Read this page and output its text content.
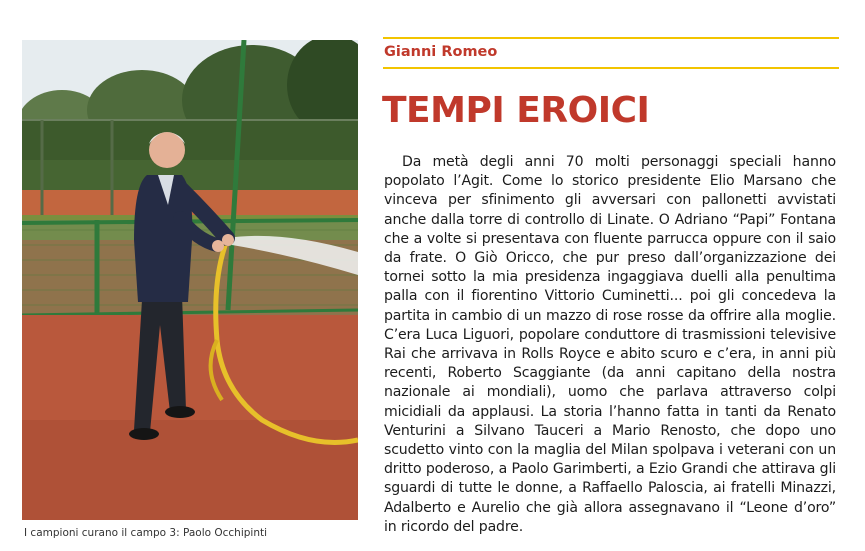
I campioni curano il campo 3: Paolo Occhipinti
Gianni Romeo
TEMPI EROICI

Da metà degli anni 70 molti personaggi speciali hanno popolato l’Agit. Come lo storico presidente Elio Marsano che vinceva per sfinimento gli avversari con pallonetti avvistati anche dalla torre di controllo di Linate. O Adriano “Papi” Fontana che a volte si presentava con fluente parrucca oppure con il saio da frate. O Giò Oricco, che pur preso dall’organizzazione dei tornei sotto la mia presidenza ingaggiava duelli alla penultima palla con il fiorentino Vittorio Cuminetti... poi gli concedeva la partita in cambio di un mazzo di rose rosse da offrire alla moglie. C’era Luca Liguori, popolare conduttore di trasmissioni televisive Rai che arrivava in Rolls Royce e abito scuro e c’era, in anni più recenti, Roberto Scaggiante (da anni capitano della nostra nazionale ai mondiali), uomo che parlava attraverso colpi micidiali da applausi. La storia l’hanno fatta in tanti da Renato Venturini a Silvano Tauceri a Mario Renosto, che dopo uno scudetto vinto con la maglia del Milan spolpava i veterani con un dritto poderoso, a Paolo Garimberti, a Ezio Grandi che attirava gli sguardi di tutte le donne, a Raffaello Paloscia, ai fratelli Minazzi, Adalberto e Aurelio che già allora assegnavano il “Leone d’oro” in ricordo del padre.
